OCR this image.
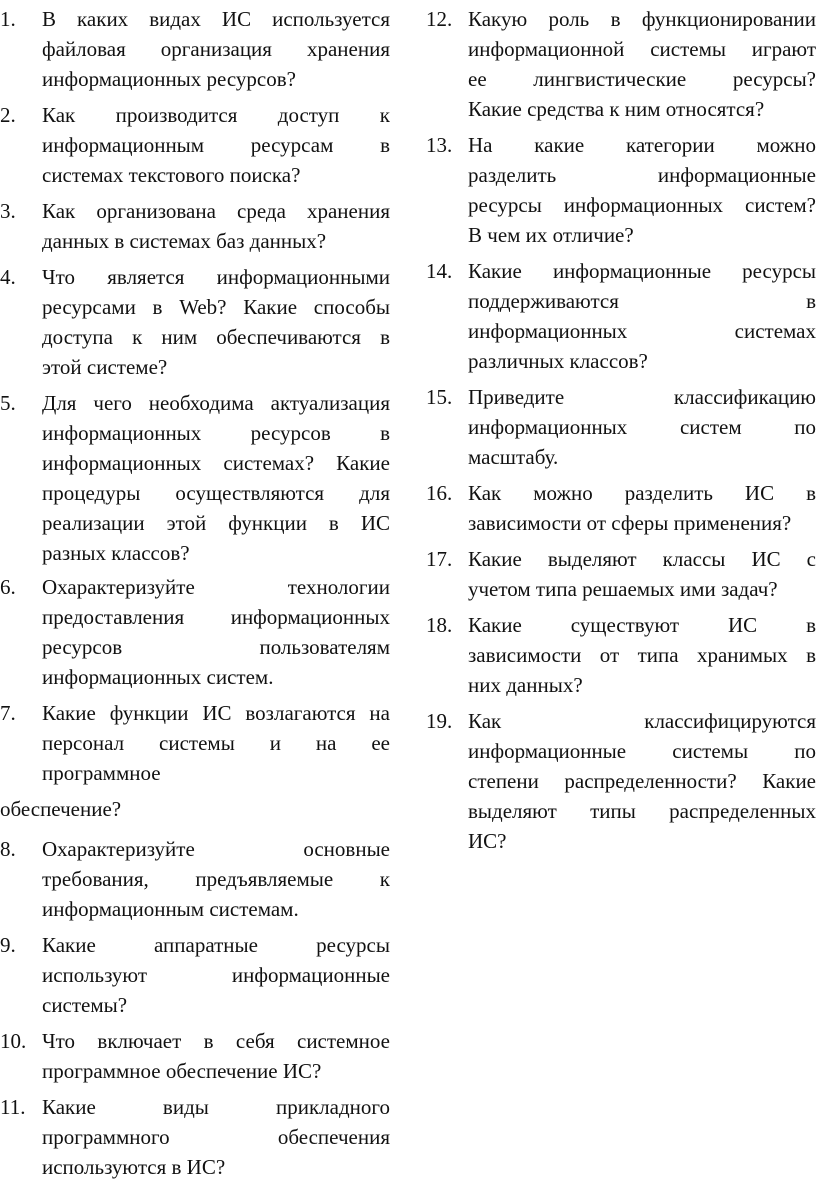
1. В каких видах ИС используется
файловая организация хранения
информационных ресурсов?
2. Как производится доступ к
информационным ресурсам в
системах текстового поиска?
3. Как организована среда хранения
данных в системах баз данных?
4. Что является информационными
ресурсами в Web? Какие способы
доступа к ним обеспечиваются в
этой системе?
5. Для чего необходима актуализация
информационных ресурсов в
информационных системах? Какие
процедуры осуществляются для
реализации этой функции в ИС
разных классов?
6. Охарактеризуйте технологии
предоставления информационных
ресурсов пользователям
информационных систем.
7. Какие функции ИС возлагаются на
персонал системы и на ее
программное
обеспечение?
8. Охарактеризуйте основные
требования, предъявляемые к
информационным системам.
9. Какие аппаратные ресурсы
используют информационные
системы?
10. Что включает в себя системное
программное обеспечение ИС?
11. Какие виды прикладного
программного обеспечения
используются в ИС?
12. Какую роль в функционировании
информационной системы играют
ее лингвистические ресурсы?
Какие средства к ним относятся?
13. На какие категории можно
разделить информационные
ресурсы информационных систем?
В чем их отличие?
14. Какие информационные ресурсы
поддерживаются в
информационных системах
различных классов?
15. Приведите классификацию
информационных систем по
масштабу.
16. Как можно разделить ИС в
зависимости от сферы применения?
17. Какие выделяют классы ИС с
учетом типа решаемых ими задач?
18. Какие существуют ИС в
зависимости от типа хранимых в
них данных?
19. Как классифицируются
информационные системы по
степени распределенности? Какие
выделяют типы распределенных
ИС?
